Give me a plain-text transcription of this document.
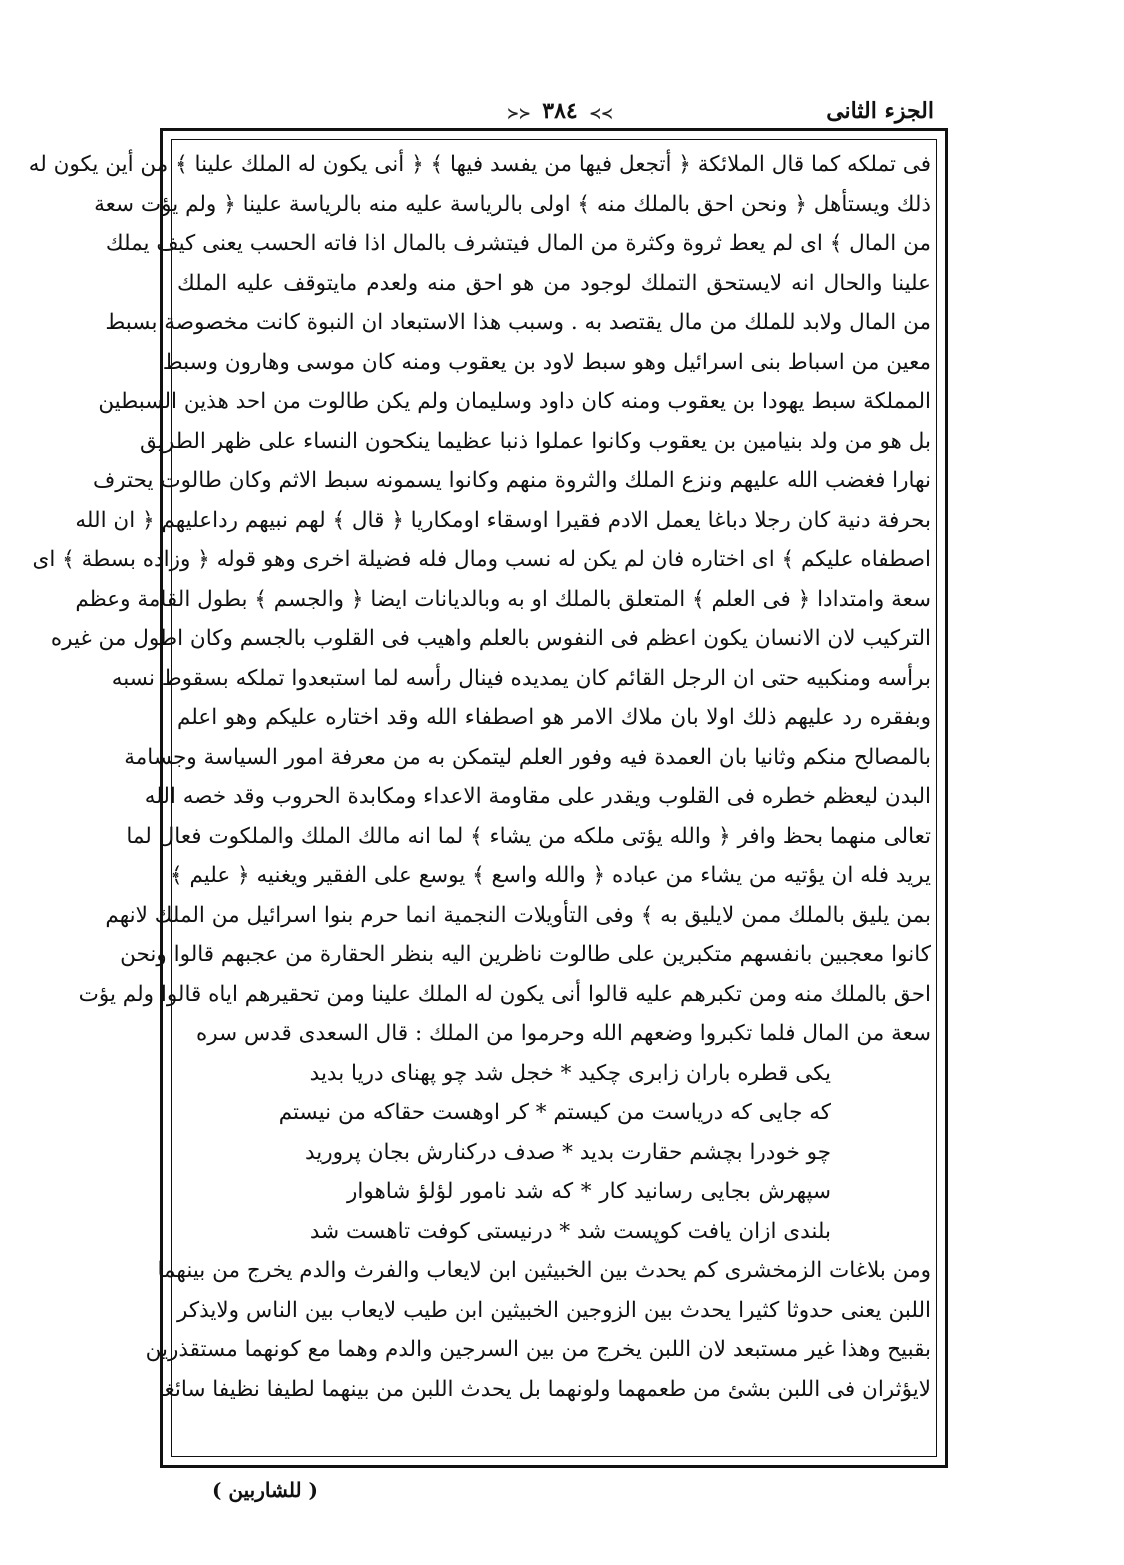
≻≻ ٣٨٤ ≺≺	الجزء الثانى
فى تملكه كما قال الملائكة ﴿ أتجعل فيها من يفسد فيها ﴾ ﴿ أنى يكون له الملك علينا ﴾ من أين يكون له
ذلك ويستأهل ﴿ ونحن احق بالملك منه ﴾ اولى بالرياسة عليه منه بالرياسة علينا ﴿ ولم يؤت سعة
من المال ﴾ اى لم يعط ثروة وكثرة من المال فيتشرف بالمال اذا فاته الحسب يعنى كيف يملك
علينا والحال انه لايستحق التملك لوجود من هو احق منه ولعدم مايتوقف عليه الملك
من المال ولابد للملك من مال يقتصد به . وسبب هذا الاستبعاد ان النبوة كانت مخصوصة بسبط
معين من اسباط بنى اسرائيل وهو سبط لاود بن يعقوب ومنه كان موسى وهارون وسبط
المملكة سبط يهودا بن يعقوب ومنه كان داود وسليمان ولم يكن طالوت من احد هذين السبطين
بل هو من ولد بنيامين بن يعقوب وكانوا عملوا ذنبا عظيما ينكحون النساء على ظهر الطريق
نهارا فغضب الله عليهم ونزع الملك والثروة منهم وكانوا يسمونه سبط الاثم وكان طالوت يحترف
بحرفة دنية كان رجلا دباغا يعمل الادم فقيرا اوسقاء اومكاريا ﴿ قال ﴾ لهم نبيهم رداعليهم ﴿ ان الله
اصطفاه عليكم ﴾ اى اختاره فان لم يكن له نسب ومال فله فضيلة اخرى وهو قوله ﴿ وزاده بسطة ﴾ اى
سعة وامتدادا ﴿ فى العلم ﴾ المتعلق بالملك او به وبالديانات ايضا ﴿ والجسم ﴾ بطول القامة وعظم
التركيب لان الانسان يكون اعظم فى النفوس بالعلم واهيب فى القلوب بالجسم وكان اطول من غيره
برأسه ومنكبيه حتى ان الرجل القائم كان يمديده فينال رأسه لما استبعدوا تملكه بسقوط نسبه
وبفقره رد عليهم ذلك اولا بان ملاك الامر هو اصطفاء الله وقد اختاره عليكم وهو اعلم
بالمصالح منكم وثانيا بان العمدة فيه وفور العلم ليتمكن به من معرفة امور السياسة وجسامة
البدن ليعظم خطره فى القلوب ويقدر على مقاومة الاعداء ومكابدة الحروب وقد خصه الله
تعالى منهما بحظ وافر ﴿ والله يؤتى ملكه من يشاء ﴾ لما انه مالك الملك والملكوت فعال لما
يريد فله ان يؤتيه من يشاء من عباده ﴿ والله واسع ﴾ يوسع على الفقير ويغنيه ﴿ عليم ﴾
بمن يليق بالملك ممن لايليق به ﴾ وفى التأويلات النجمية انما حرم بنوا اسرائيل من الملك لانهم
كانوا معجبين بانفسهم متكبرين على طالوت ناظرين اليه بنظر الحقارة من عجبهم قالوا ونحن
احق بالملك منه ومن تكبرهم عليه قالوا أنى يكون له الملك علينا ومن تحقيرهم اياه قالوا ولم يؤت
سعة من المال فلما تكبروا وضعهم الله وحرموا من الملك : قال السعدى قدس سره
يكى قطره باران زابرى چكيد * خجل شد چو پهناى دريا بديد
كه جايى كه درياست من كيستم * كر اوهست حقاكه من نيستم
چو خودرا بچشم حقارت بديد * صدف دركنارش بجان پروريد
سپهرش بجايى رسانيد كار * كه شد نامور لؤلؤ شاهوار
بلندى ازان يافت كوپست شد * درنيستى كوفت تاهست شد
ومن بلاغات الزمخشرى كم يحدث بين الخبيثين ابن لايعاب والفرث والدم يخرج من بينهما
اللبن يعنى حدوثا كثيرا يحدث بين الزوجين الخبيثين ابن طيب لايعاب بين الناس ولايذكر
بقبيح وهذا غير مستبعد لان اللبن يخرج من بين السرجين والدم وهما مع كونهما مستقذرين
لايؤثران فى اللبن بشئ من طعمهما ولونهما بل يحدث اللبن من بينهما لطيفا نظيفا سائغا
( للشاربين )
